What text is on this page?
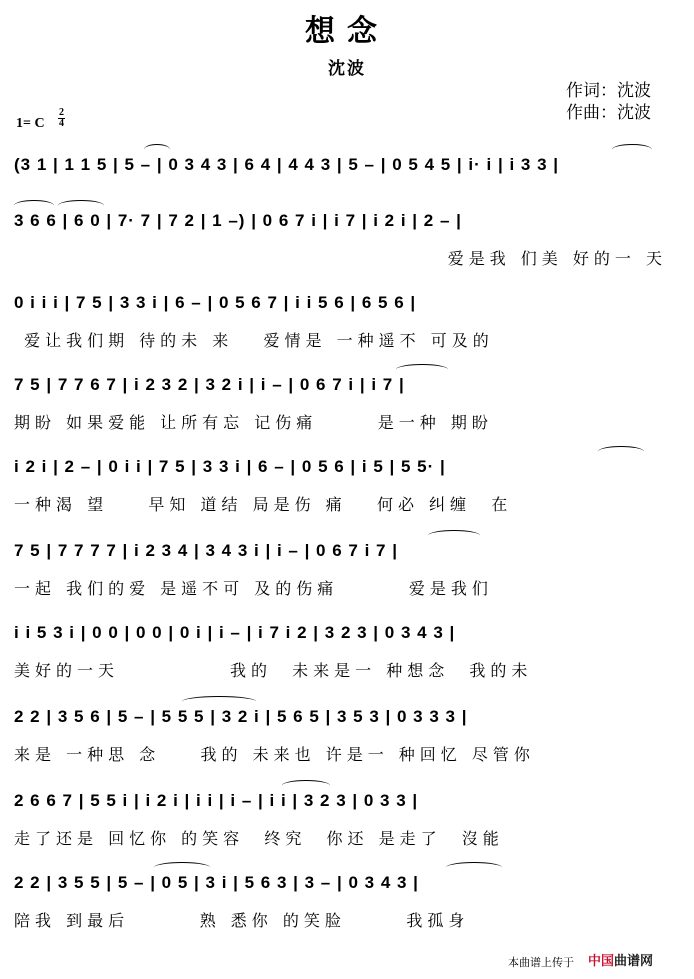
想念
沈波
作词：沈波
作曲：沈波
1= C $\frac{2}{4}$
(3 1 | 1 1 5 | 5 – | 0 3 4 3 | 6 4 | 4 4 3 | 5 – | 0 5 4 5 | i· i | i 3 3 |
3 6 6 | 6 0 | 7· 7 | 7 2 | 1 –) | 0 6 7 i | i 7 | i 2 i | 2 – |
爱是我 们美 好的一 天
0 i i i | 7 5 | 3 3 i | 6 – | 0 5 6 7 | i i 5 6 | 6 5 6 |
爱让我们期 待的未 来   爱情是 一种遥不 可及的
7 5 | 7 7 6 7 | i 2 3 2 | 3 2 i | i – | 0 6 7 i | i 7 |
期盼 如果爱能 让所有忘 记伤痛      是一种 期盼
i 2 i | 2 – | 0 i i | 7 5 | 3 3 i | 6 – | 0 5 6 | i 5 | 5 5· |
一种渴 望    早知 道结 局是伤 痛   何必 纠缠  在
7 5 | 7 7 7 7 | i 2 3 4 | 3 4 3 i | i – | 0 6 7 i 7 |
一起 我们的爱 是遥不可 及的伤痛       爱是我们
i i 5 3 i | 0 0 | 0 0 | 0 i | i – | i 7 i 2 | 3 2 3 | 0 3 4 3 |
美好的一天           我的  未来是一 种想念  我的未
2 2 | 3 5 6 | 5 – | 5 5 5 | 3 2 i | 5 6 5 | 3 5 3 | 0 3 3 3 |
来是 一种思 念    我的 未来也 许是一 种回忆 尽管你
2 6 6 7 | 5 5 i | i 2 i | i i | i – | i i | 3 2 3 | 0 3 3 |
走了还是 回忆你 的笑容  终究  你还 是走了  沒能
2 2 | 3 5 5 | 5 – | 0 5 | 3 i | 5 6 3 | 3 – | 0 3 4 3 |
陪我 到最后       熟 悉你 的笑脸      我孤身
本曲谱上传于 中国曲谱网
